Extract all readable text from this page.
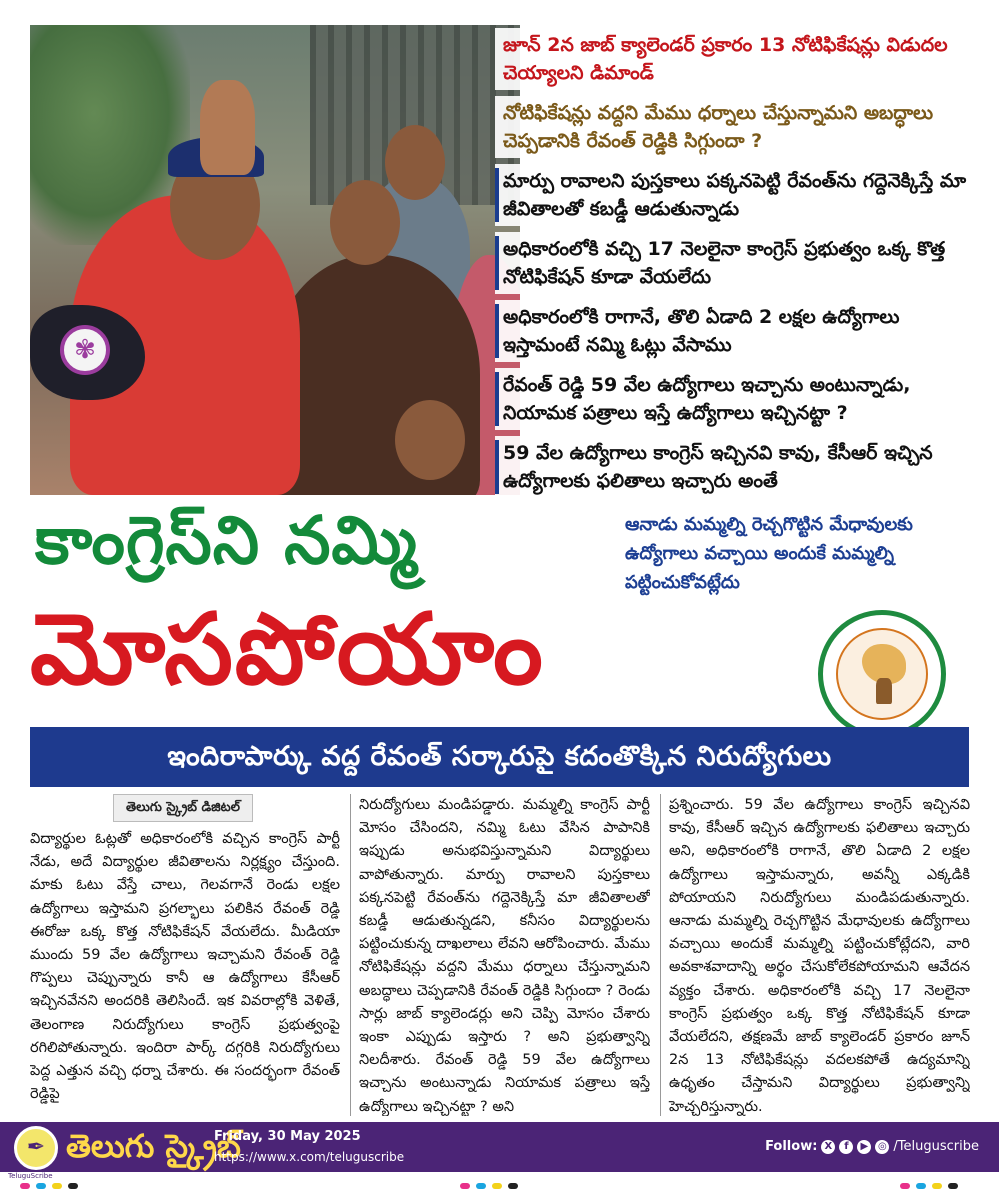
✾
జూన్ 2న జాబ్ క్యాలెండర్ ప్రకారం 13 నోటిఫికేషన్లు విడుదల చెయ్యాలని డిమాండ్
నోటిఫికేషన్లు వద్దని మేము ధర్నాలు చేస్తున్నామని అబద్ధాలు చెప్పడానికి రేవంత్ రెడ్డికి సిగ్గుందా ?
మార్పు రావాలని పుస్తకాలు పక్కనపెట్టి రేవంత్‌ను గద్దెనెక్కిస్తే మా జీవితాలతో కబడ్డీ ఆడుతున్నాడు
అధికారంలోకి వచ్చి 17 నెలలైనా కాంగ్రెస్ ప్రభుత్వం ఒక్క కొత్త నోటిఫికేషన్ కూడా వేయలేదు
అధికారంలోకి రాగానే, తొలి ఏడాది 2 లక్షల ఉద్యోగాలు ఇస్తామంటే నమ్మి ఓట్లు వేసాము
రేవంత్ రెడ్డి 59 వేల ఉద్యోగాలు ఇచ్చాను అంటున్నాడు, నియామక పత్రాలు ఇస్తే ఉద్యోగాలు ఇచ్చినట్టా ?
59 వేల ఉద్యోగాలు కాంగ్రెస్ ఇచ్చినవి కావు, కేసీఆర్ ఇచ్చిన ఉద్యోగాలకు ఫలితాలు ఇచ్చారు అంతే
కాంగ్రెస్‌ని నమ్మి
మోసపోయాం
ఆనాడు మమ్మల్ని రెచ్చగొట్టిన మేధావులకు ఉద్యోగాలు వచ్చాయి అందుకే మమ్మల్ని పట్టించుకోవట్లేదు
ఇందిరాపార్కు వద్ద రేవంత్ సర్కారుపై కదంతొక్కిన నిరుద్యోగులు
తెలుగు స్క్రైబ్ డిజిటల్
విద్యార్థుల ఓట్లతో అధికారంలోకి వచ్చిన కాంగ్రెస్ పార్టీ నేడు, అదే విద్యార్థుల జీవితాలను నిర్లక్ష్యం చేస్తుంది. మాకు ఓటు వేస్తే చాలు, గెలవగానే రెండు లక్షల ఉద్యోగాలు ఇస్తామని ప్రగల్భాలు పలికిన రేవంత్ రెడ్డి ఈరోజు ఒక్క కొత్త నోటిఫికేషన్ వేయలేదు. మీడియా ముందు 59 వేల ఉద్యోగాలు ఇచ్చామని రేవంత్ రెడ్డి గొప్పలు చెప్పున్నారు కానీ ఆ ఉద్యోగాలు కేసీఆర్ ఇచ్చినవేనని అందరికి తెలిసిందే. ఇక వివరాల్లోకి వెళితే, తెలంగాణ నిరుద్యోగులు కాంగ్రెస్ ప్రభుత్వంపై రగిలిపోతున్నారు. ఇందిరా పార్క్ దగ్గరికి నిరుద్యోగులు పెద్ద ఎత్తున వచ్చి ధర్నా చేశారు. ఈ సందర్భంగా రేవంత్ రెడ్డిపై
నిరుద్యోగులు మండిపడ్డారు. మమ్మల్ని కాంగ్రెస్ పార్టీ మోసం చేసిందని, నమ్మి ఓటు వేసిన పాపానికి ఇప్పుడు అనుభవిస్తున్నామని విద్యార్థులు వాపోతున్నారు. మార్పు రావాలని పుస్తకాలు పక్కనపెట్టి రేవంత్‌ను గద్దెనెక్కిస్తే మా జీవితాలతో కబడ్డీ ఆడుతున్నడని, కనీసం విద్యార్థులను పట్టించుకున్న దాఖలాలు లేవని ఆరోపించారు. మేము నోటిఫికేషన్లు వద్దని మేము ధర్నాలు చేస్తున్నామని అబద్ధాలు చెప్పడానికి రేవంత్ రెడ్డికి సిగ్గుందా ? రెండు సార్లు జాబ్ క్యాలెండర్లు అని చెప్పి మోసం చేశారు ఇంకా ఎప్పుడు ఇస్తారు ? అని ప్రభుత్వాన్ని నిలదీశారు. రేవంత్ రెడ్డి 59 వేల ఉద్యోగాలు ఇచ్చాను అంటున్నాడు నియామక పత్రాలు ఇస్తే ఉద్యోగాలు ఇచ్చినట్టా ? అని
ప్రశ్నించారు. 59 వేల ఉద్యోగాలు కాంగ్రెస్ ఇచ్చినవి కావు, కేసీఆర్ ఇచ్చిన ఉద్యోగాలకు ఫలితాలు ఇచ్చారు అని, అధికారంలోకి రాగానే, తొలి ఏడాది 2 లక్షల ఉద్యోగాలు ఇస్తామన్నారు, అవన్నీ ఎక్కడికి పోయాయని నిరుద్యోగులు మండిపడుతున్నారు. ఆనాడు మమ్మల్ని రెచ్చగొట్టిన మేధావులకు ఉద్యోగాలు వచ్చాయి అందుకే మమ్మల్ని పట్టించుకోట్లేదని, వారి అవకాశవాదాన్ని అర్థం చేసుకోలేకపోయామని ఆవేదన వ్యక్తం చేశారు. అధికారంలోకి వచ్చి 17 నెలలైనా కాంగ్రెస్ ప్రభుత్వం ఒక్క కొత్త నోటిఫికేషన్ కూడా వేయలేదని, తక్షణమే జాబ్ క్యాలెండర్ ప్రకారం జూన్ 2న 13 నోటిఫికేషన్లు వదలకపోతే ఉద్యమాన్ని ఉధృతం చేస్తామని విద్యార్థులు ప్రభుత్వాన్ని హెచ్చరిస్తున్నారు.
✒ తెలుగు స్క్రైబ్
Friday, 30 May 2025
https://www.x.com/teluguscribe
Follow: X	f	▶ ◎ /Teluguscribe
TeluguScribe
